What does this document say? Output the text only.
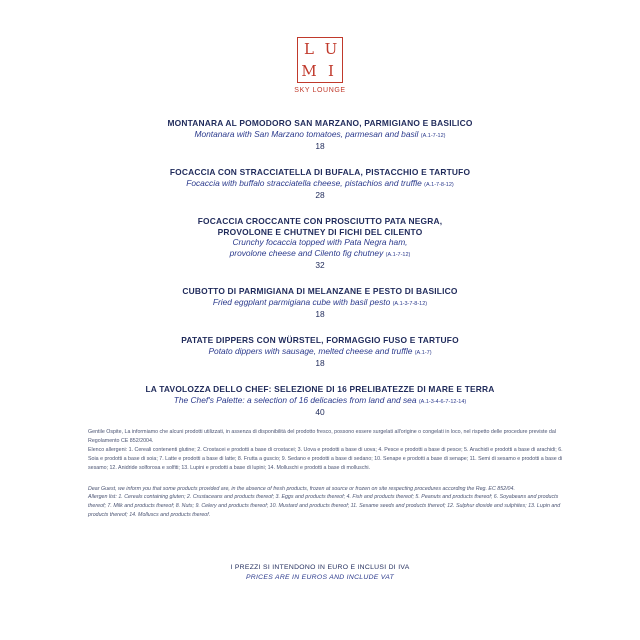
L U
M I
SKY LOUNGE
MONTANARA AL POMODORO SAN MARZANO, PARMIGIANO E BASILICO
Montanara with San Marzano tomatoes, parmesan and basil (A.1-7-12)
18
FOCACCIA CON STRACCIATELLA DI BUFALA, PISTACCHIO E TARTUFO
Focaccia with buffalo stracciatella cheese, pistachios and truffle (A.1-7-8-12)
28
FOCACCIA CROCCANTE CON PROSCIUTTO PATA NEGRA,
PROVOLONE E CHUTNEY DI FICHI DEL CILENTO
Crunchy focaccia topped with Pata Negra ham,
provolone cheese and Cilento fig chutney (A.1-7-12)
32
CUBOTTO DI PARMIGIANA DI MELANZANE E PESTO DI BASILICO
Fried eggplant parmigiana cube with basil pesto (A.1-3-7-8-12)
18
PATATE DIPPERS CON WÜRSTEL, FORMAGGIO FUSO E TARTUFO
Potato dippers with sausage, melted cheese and truffle (A.1-7)
18
LA TAVOLOZZA DELLO CHEF: SELEZIONE DI 16 PRELIBATEZZE DI MARE E TERRA
The Chef's Palette: a selection of 16 delicacies from land and sea (A.1-3-4-6-7-12-14)
40

Gentile Ospite, La informiamo che alcuni prodotti utilizzati, in assenza di disponibilità del prodotto fresco, possono essere surgelati all'origine o congelati in loco, nel rispetto delle procedure previste dal Regolamento CE 852/2004.
Elenco allergeni: 1. Cereali contenenti glutine; 2. Crostacei e prodotti a base di crostacei; 3. Uova e prodotti a base di uova; 4. Pesce e prodotti a base di pesce; 5. Arachidi e prodotti a base di arachidi; 6. Soia e prodotti a base di soia; 7. Latte e prodotti a base di latte; 8. Frutta a guscio; 9. Sedano e prodotti a base di sedano; 10. Senape e prodotti a base di senape; 11. Semi di sesamo e prodotti a base di sesamo; 12. Anidride solforosa e solfiti; 13. Lupini e prodotti a base di lupini; 14. Molluschi e prodotti a base di molluschi.

Dear Guest, we inform you that some products provided are, in the absence of fresh products, frozen at source or frozen on site respecting procedures according the Reg. EC 852/04.
Allergen list: 1. Cereals containing gluten; 2. Crustaceans and products thereof; 3. Eggs and products thereof; 4. Fish and products thereof; 5. Peanuts and products thereof; 6. Soyabeans and products thereof; 7. Milk and products thereof; 8. Nuts; 9. Celery and products thereof; 10. Mustard and products thereof; 11. Sesame seeds and products thereof; 12. Sulphur dioxide and sulphites; 13. Lupin and products thereof; 14. Molluscs and products thereof.

I PREZZI SI INTENDONO IN EURO E INCLUSI DI IVA
PRICES ARE IN EUROS AND INCLUDE VAT
